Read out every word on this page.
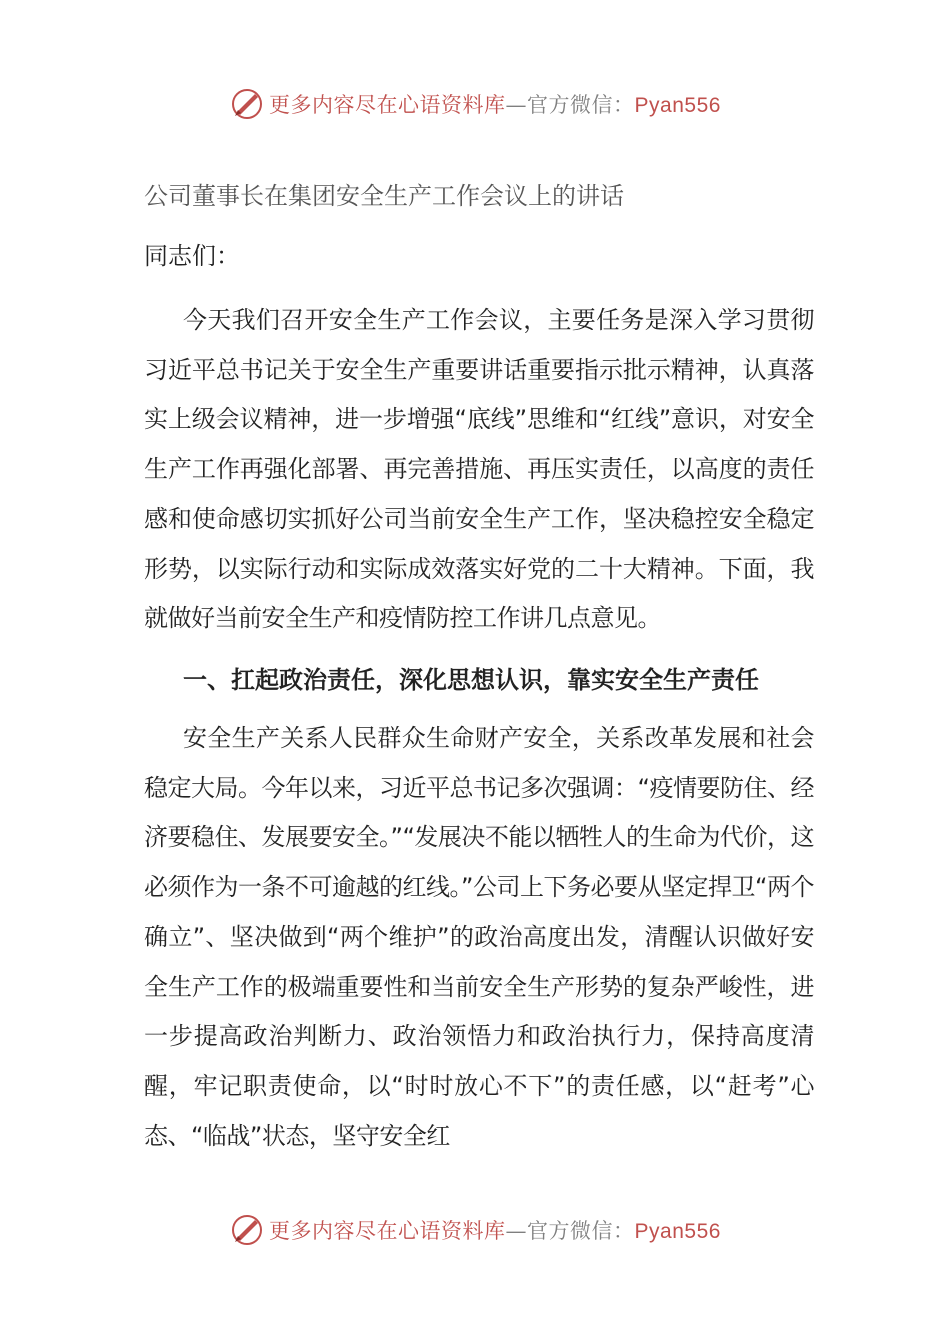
更多内容尽在心语资料库—官方微信：Pyan556
公司董事长在集团安全生产工作会议上的讲话
同志们：

今天我们召开安全生产工作会议，主要任务是深入学习贯彻习近平总书记关于安全生产重要讲话重要指示批示精神，认真落实上级会议精神，进一步增强“底线”思维和“红线”意识，对安全生产工作再强化部署、再完善措施、再压实责任，以高度的责任感和使命感切实抓好公司当前安全生产工作，坚决稳控安全稳定形势，以实际行动和实际成效落实好党的二十大精神。下面，我就做好当前安全生产和疫情防控工作讲几点意见。

一、扛起政治责任，深化思想认识，靠实安全生产责任

安全生产关系人民群众生命财产安全，关系改革发展和社会稳定大局。今年以来，习近平总书记多次强调：“疫情要防住、经济要稳住、发展要安全。”“发展决不能以牺牲人的生命为代价，这必须作为一条不可逾越的红线。”公司上下务必要从坚定捍卫“两个确立”、坚决做到“两个维护”的政治高度出发，清醒认识做好安全生产工作的极端重要性和当前安全生产形势的复杂严峻性，进一步提高政治判断力、政治领悟力和政治执行力，保持高度清醒，牢记职责使命，以“时时放心不下”的责任感，以“赶考”心态、“临战”状态，坚守安全红

更多内容尽在心语资料库—官方微信：Pyan556
